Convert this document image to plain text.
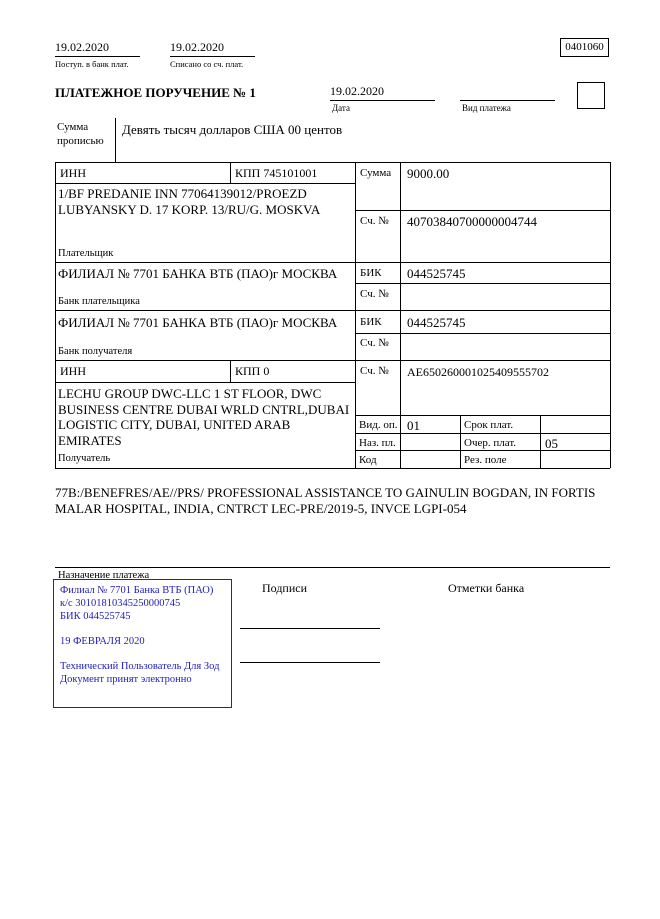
19.02.2020
Поступ. в банк плат.
19.02.2020
Списано со сч. плат.
0401060
ПЛАТЕЖНОЕ ПОРУЧЕНИЕ № 1	19.02.2020
Дата	Вид платежа
Сумма
прописью
Девять тысяч долларов США 00 центов
ИНН	КПП 745101001	Сумма 9000.00
1/BF PREDANIE INN 77064139012/PROEZD LUBYANSKY D. 17 KORP. 13/RU/G. MOSKVA
Сч. № 40703840700000004744
Плательщик
ФИЛИАЛ № 7701 БАНКА ВТБ (ПАО)г МОСКВА	БИК 044525745
Сч. №
Банк плательщика
ФИЛИАЛ № 7701 БАНКА ВТБ (ПАО)г МОСКВА	БИК 044525745
Сч. №
Банк получателя
ИНН	КПП 0	Сч. № AE650260001025409555702
LECHU GROUP DWC-LLC 1 ST FLOOR, DWC BUSINESS CENTRE DUBAI WRLD CNTRL,DUBAI LOGISTIC CITY, DUBAI, UNITED ARAB EMIRATES
Вид. оп. 01	Срок плат.
Наз. пл.	Очер. плат. 05
Код	Рез. поле
Получатель
77B:/BENEFRES/AE//PRS/ PROFESSIONAL ASSISTANCE TO GAINULIN BOGDAN, IN FORTIS MALAR HOSPITAL, INDIA, CNTRCT LEC-PRE/2019-5, INVCE LGPI-054
Назначение платежа
Филиал № 7701 Банка ВТБ (ПАО)
к/с 30101810345250000745
БИК 044525745
19 ФЕВРАЛЯ 2020
Технический Пользователь Для Зод
Документ принят электронно
Подписи	Отметки банка
